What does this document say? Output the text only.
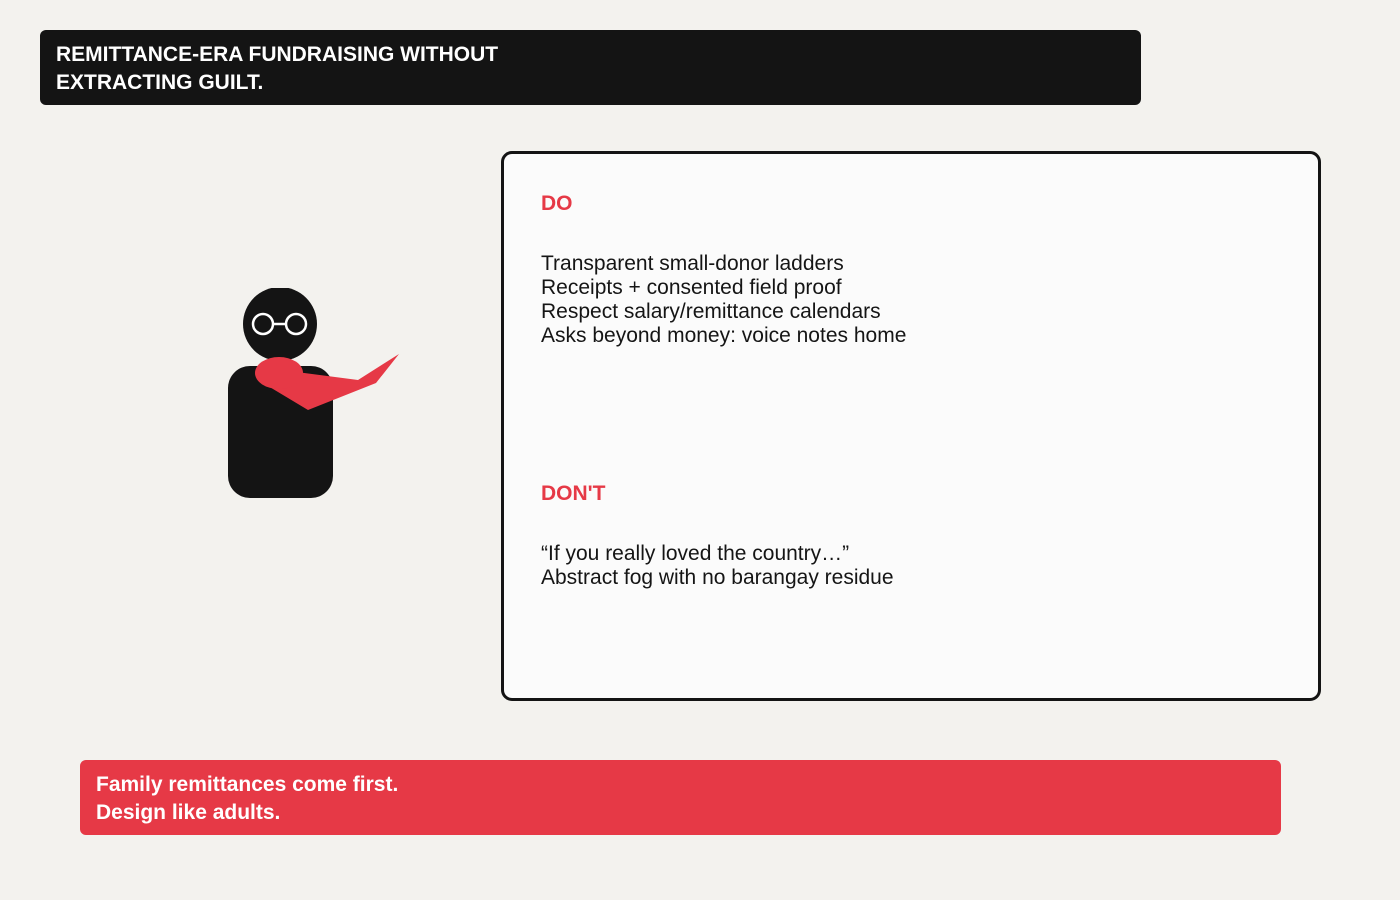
REMITTANCE-ERA FUNDRAISING WITHOUT
EXTRACTING GUILT.
DO
Transparent small-donor ladders
Receipts + consented field proof
Respect salary/remittance calendars
Asks beyond money: voice notes home
DON'T
“If you really loved the country…”
Abstract fog with no barangay residue
Family remittances come first.
Design like adults.
